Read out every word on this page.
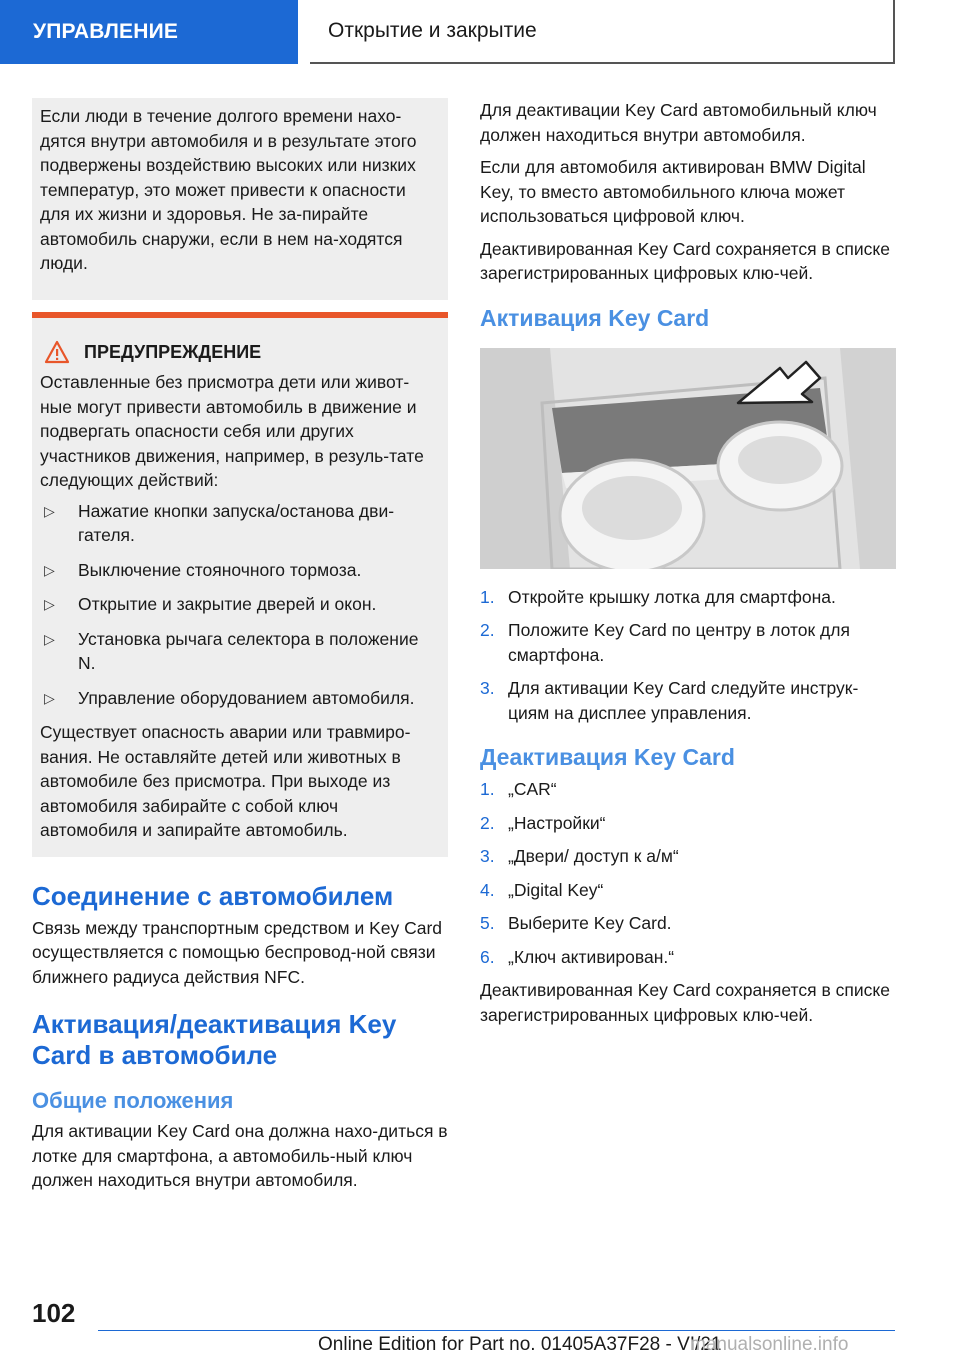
УПРАВЛЕНИЕ	Открытие и закрытие

Если люди в течение долгого времени нахо-дятся внутри автомобиля и в результате этого подвержены воздействию высоких или низких температур, это может привести к опасности для их жизни и здоровья. Не за-пирайте автомобиль снаружи, если в нем на-ходятся люди.

ПРЕДУПРЕЖДЕНИЕ

Оставленные без присмотра дети или живот-ные могут привести автомобиль в движение и подвергать опасности себя или других участников движения, например, в резуль-тате следующих действий:

▷	Нажатие кнопки запуска/останова дви-гателя.
▷	Выключение стояночного тормоза.
▷	Открытие и закрытие дверей и окон.
▷	Установка рычага селектора в положение N.
▷	Управление оборудованием автомобиля.

Существует опасность аварии или травмиро-вания. Не оставляйте детей или животных в автомобиле без присмотра. При выходе из автомобиля забирайте с собой ключ автомобиля и запирайте автомобиль.

Соединение с автомобилем

Связь между транспортным средством и Key Card осуществляется с помощью беспровод-ной связи ближнего радиуса действия NFC.

Активация/деактивация Key Card в автомобиле
Общие положения

Для активации Key Card она должна нахо-диться в лотке для смартфона, а автомобиль-ный ключ должен находиться внутри автомобиля.

Для деактивации Key Card автомобильный ключ должен находиться внутри автомобиля.

Если для автомобиля активирован BMW Digital Key, то вместо автомобильного ключа может использоваться цифровой ключ.

Деактивированная Key Card сохраняется в списке зарегистрированных цифровых клю-чей.

Активация Key Card
1. Откройте крышку лотка для смартфона.
2. Положите Key Card по центру в лоток для смартфона.
3. Для активации Key Card следуйте инструк-циям на дисплее управления.
Деактивация Key Card
1. „CAR“
2. „Настройки“
3. „Двери/ доступ к а/м“
4. „Digital Key“
5. Выберите Key Card.
6. „Ключ активирован.“

Деактивированная Key Card сохраняется в списке зарегистрированных цифровых клю-чей.

102
Online Edition for Part no. 01405A37F28 - VI/21
manualsonline.info
